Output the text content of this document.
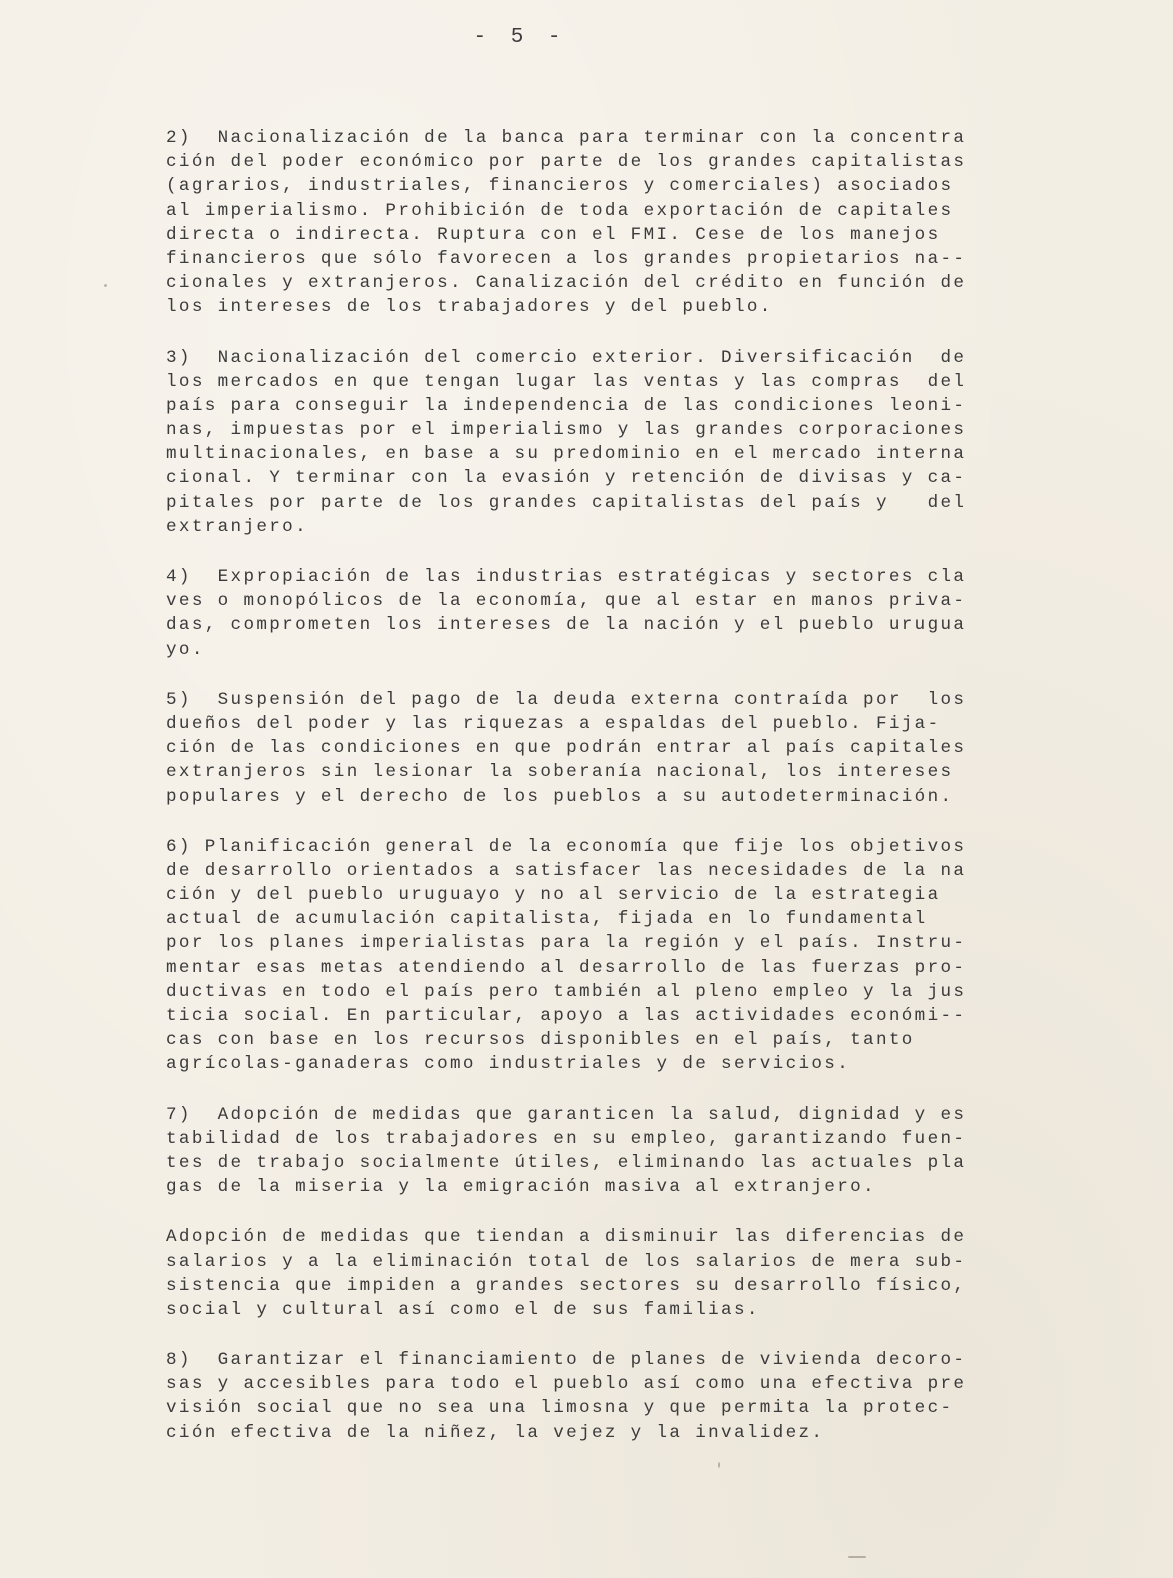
- 5 -
2)  Nacionalización de la banca para terminar con la concentra
ción del poder económico por parte de los grandes capitalistas
(agrarios, industriales, financieros y comerciales) asociados
al imperialismo. Prohibición de toda exportación de capitales
directa o indirecta. Ruptura con el FMI. Cese de los manejos
financieros que sólo favorecen a los grandes propietarios na--
cionales y extranjeros. Canalización del crédito en función de
los intereses de los trabajadores y del pueblo.
3)  Nacionalización del comercio exterior. Diversificación  de
los mercados en que tengan lugar las ventas y las compras  del
país para conseguir la independencia de las condiciones leoni-
nas, impuestas por el imperialismo y las grandes corporaciones
multinacionales, en base a su predominio en el mercado interna
cional. Y terminar con la evasión y retención de divisas y ca-
pitales por parte de los grandes capitalistas del país y   del
extranjero.
4)  Expropiación de las industrias estratégicas y sectores cla
ves o monopólicos de la economía, que al estar en manos priva-
das, comprometen los intereses de la nación y el pueblo urugua
yo.
5)  Suspensión del pago de la deuda externa contraída por  los
dueños del poder y las riquezas a espaldas del pueblo. Fija-
ción de las condiciones en que podrán entrar al país capitales
extranjeros sin lesionar la soberanía nacional, los intereses
populares y el derecho de los pueblos a su autodeterminación.
6) Planificación general de la economía que fije los objetivos
de desarrollo orientados a satisfacer las necesidades de la na
ción y del pueblo uruguayo y no al servicio de la estrategia
actual de acumulación capitalista, fijada en lo fundamental
por los planes imperialistas para la región y el país. Instru-
mentar esas metas atendiendo al desarrollo de las fuerzas pro-
ductivas en todo el país pero también al pleno empleo y la jus
ticia social. En particular, apoyo a las actividades económi--
cas con base en los recursos disponibles en el país, tanto
agrícolas-ganaderas como industriales y de servicios.
7)  Adopción de medidas que garanticen la salud, dignidad y es
tabilidad de los trabajadores en su empleo, garantizando fuen-
tes de trabajo socialmente útiles, eliminando las actuales pla
gas de la miseria y la emigración masiva al extranjero.
Adopción de medidas que tiendan a disminuir las diferencias de
salarios y a la eliminación total de los salarios de mera sub-
sistencia que impiden a grandes sectores su desarrollo físico,
social y cultural así como el de sus familias.
8)  Garantizar el financiamiento de planes de vivienda decoro-
sas y accesibles para todo el pueblo así como una efectiva pre
visión social que no sea una limosna y que permita la protec-
ción efectiva de la niñez, la vejez y la invalidez.
